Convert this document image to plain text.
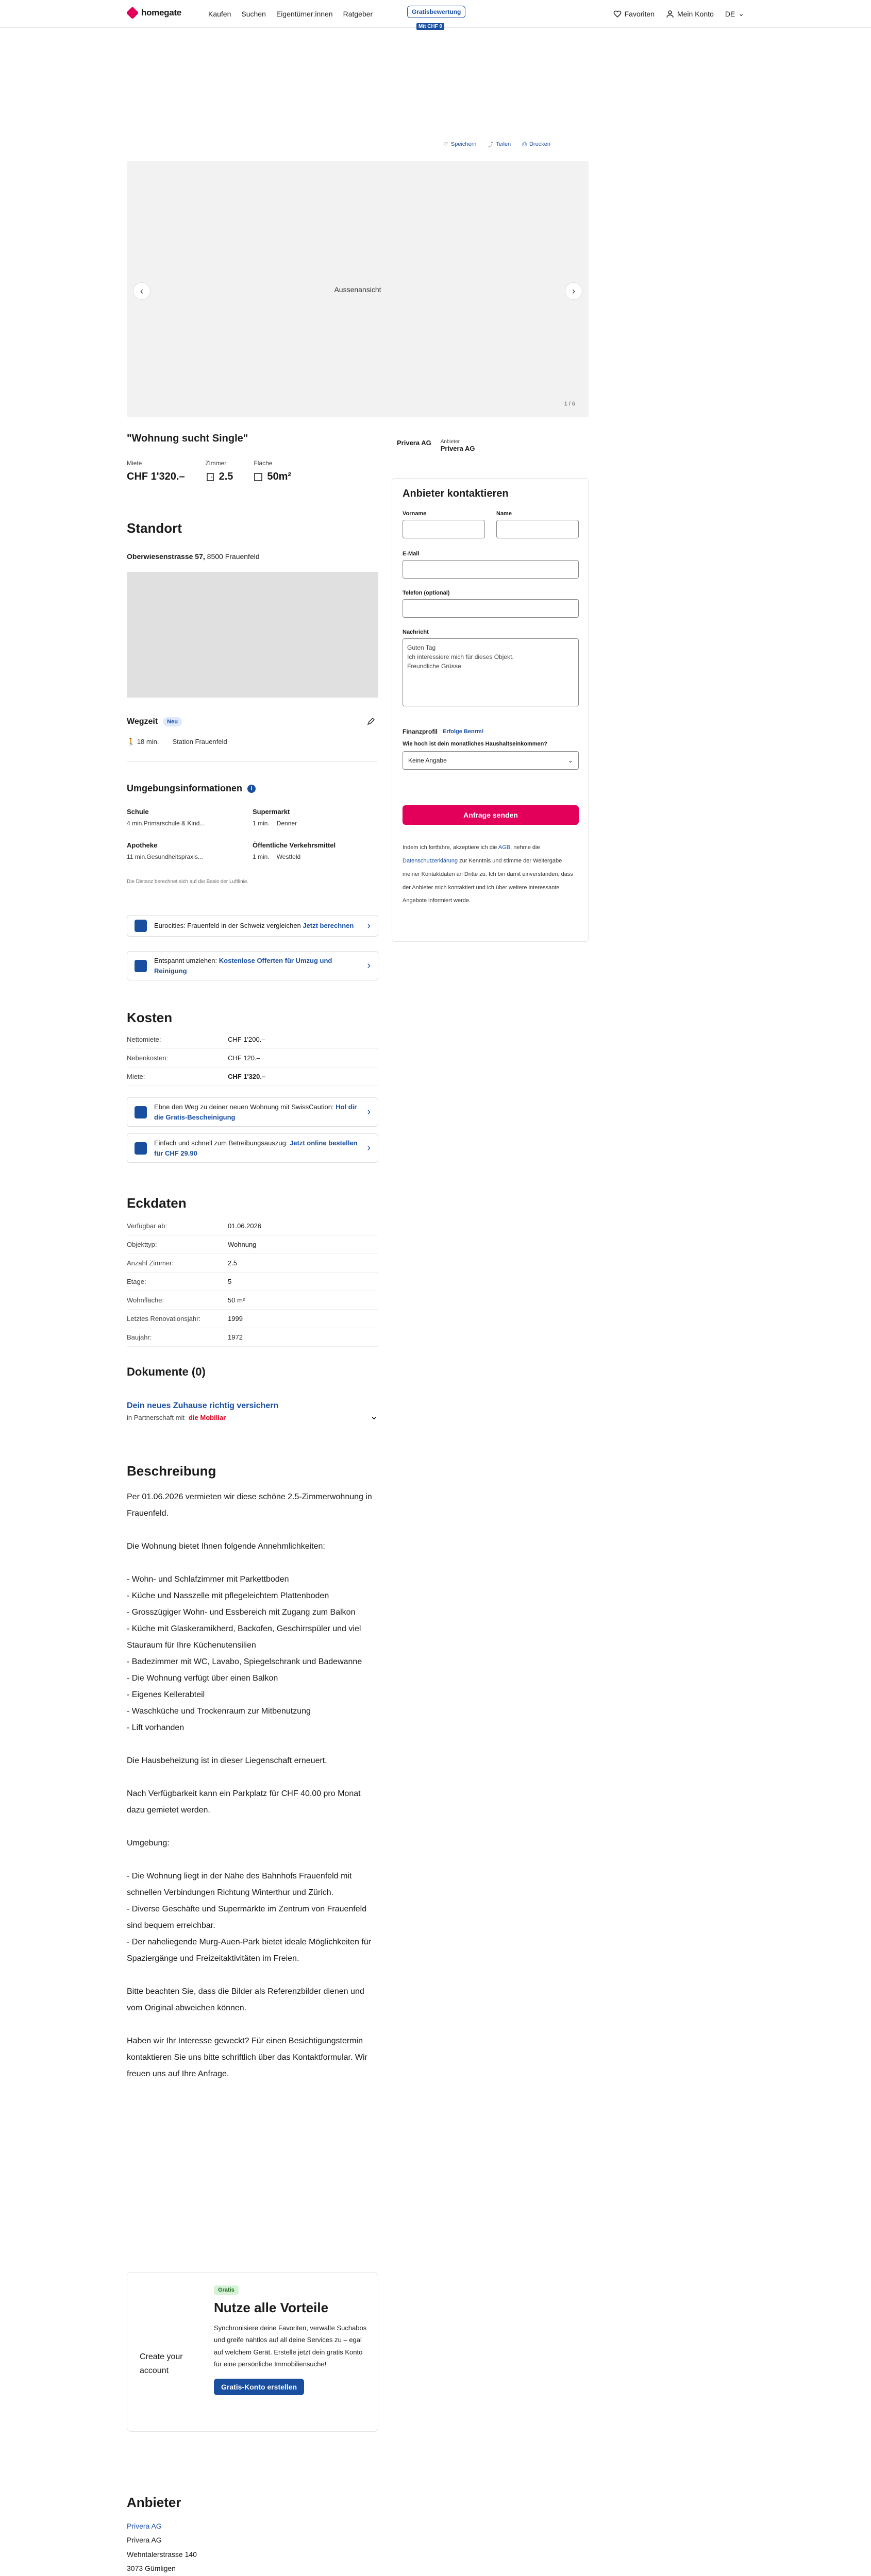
homegate	Kaufen Suchen Eigentümer:innen Ratgeber	Gratisbewertung
Mit CHF 0
Favoriten	Mein Konto DE ⌄
♡ Speichern ⤴ Teilen ⎙ Drucken
Aussenansicht
‹	›
1 / 6
"Wohnung sucht Single"
Miete
CHF 1'320.–
Zimmer
2.5
Fläche
50m²
Standort
Oberwiesenstrasse 57, 8500 Frauenfeld
Wegzeit	Neu
🚶 18 min. Station Frauenfeld
Umgebungsinformationen	i
Schule
4 min.Primarschule & Kind...
Supermarkt
1 min. Denner
Apotheke
11 min.Gesundheitspraxis...
Öffentliche Verkehrsmittel
1 min. Westfeld
Die Distanz berechnet sich auf die Basis der Luftlinie.
Eurocities: Frauenfeld in der Schweiz vergleichen Jetzt berechnen	›
Entspannt umziehen: Kostenlose Offerten für Umzug und Reinigung	›
Kosten
Nettomiete:	CHF 1'200.–
Nebenkosten:	CHF 120.–
Miete:	CHF 1'320.–
Ebne den Weg zu deiner neuen Wohnung mit SwissCaution: Hol dir die Gratis-Bescheinigung	›
Einfach und schnell zum Betreibungsauszug: Jetzt online bestellen für CHF 29.90	›
Eckdaten
Verfügbar ab:	01.06.2026
Objekttyp:	Wohnung
Anzahl Zimmer:	2.5
Etage:	5
Wohnfläche:	50 m²
Letztes Renovationsjahr:	1999
Baujahr:	1972
Dokumente (0)
Dein neues Zuhause richtig versichern
in Partnerschaft mit die Mobiliar	⌄
Beschreibung

Per 01.06.2026 vermieten wir diese schöne 2.5-Zimmerwohnung in Frauenfeld.

Die Wohnung bietet Ihnen folgende Annehmlichkeiten:

- Wohn- und Schlafzimmer mit Parkettboden
- Küche und Nasszelle mit pflegeleichtem Plattenboden
- Grosszügiger Wohn- und Essbereich mit Zugang zum Balkon
- Küche mit Glaskeramikherd, Backofen, Geschirrspüler und viel Stauraum für Ihre Küchenutensilien
- Badezimmer mit WC, Lavabo, Spiegelschrank und Badewanne
- Die Wohnung verfügt über einen Balkon
- Eigenes Kellerabteil
- Waschküche und Trockenraum zur Mitbenutzung
- Lift vorhanden

Die Hausbeheizung ist in dieser Liegenschaft erneuert.

Nach Verfügbarkeit kann ein Parkplatz für CHF 40.00 pro Monat dazu gemietet werden.

Umgebung:

- Die Wohnung liegt in der Nähe des Bahnhofs Frauenfeld mit schnellen Verbindungen Richtung Winterthur und Zürich.
- Diverse Geschäfte und Supermärkte im Zentrum von Frauenfeld sind bequem erreichbar.
- Der naheliegende Murg-Auen-Park bietet ideale Möglichkeiten für Spaziergänge und Freizeitaktivitäten im Freien.

Bitte beachten Sie, dass die Bilder als Referenzbilder dienen und vom Original abweichen können.

Haben wir Ihr Interesse geweckt? Für einen Besichtigungstermin kontaktieren Sie uns bitte schriftlich über das Kontaktformular. Wir freuen uns auf Ihre Anfrage.

Create your account
Gratis
Nutze alle Vorteile
Synchronisiere deine Favoriten, verwalte Suchabos und greife nahtlos auf all deine Services zu – egal auf welchem Gerät. Erstelle jetzt dein gratis Konto für eine persönliche Immobiliensuche!
Gratis-Konto erstellen
Anbieter
Privera AG
Privera AG
Wehntalerstrasse 140
3073 Gümligen
Privera AG Anbieter
Privera AG
Anbieter kontaktieren
Vorname	Name
E-Mail
Telefon (optional)
Nachricht
Guten Tag Ich interessiere mich für dieses Objekt. Freundliche Grüsse
Finanzprofil Erfolge Benrm!
Wie hoch ist dein monatliches Haushaltseinkommen?
Keine Angabe	⌄
Anfrage senden
Indem ich fortfahre, akzeptiere ich die AGB, nehme die Datenschutzerklärung zur Kenntnis und stimme der Weitergabe meiner Kontaktdaten an Dritte zu. Ich bin damit einverstanden, dass der Anbieter mich kontaktiert und ich über weitere interessante Angebote informiert werde.
